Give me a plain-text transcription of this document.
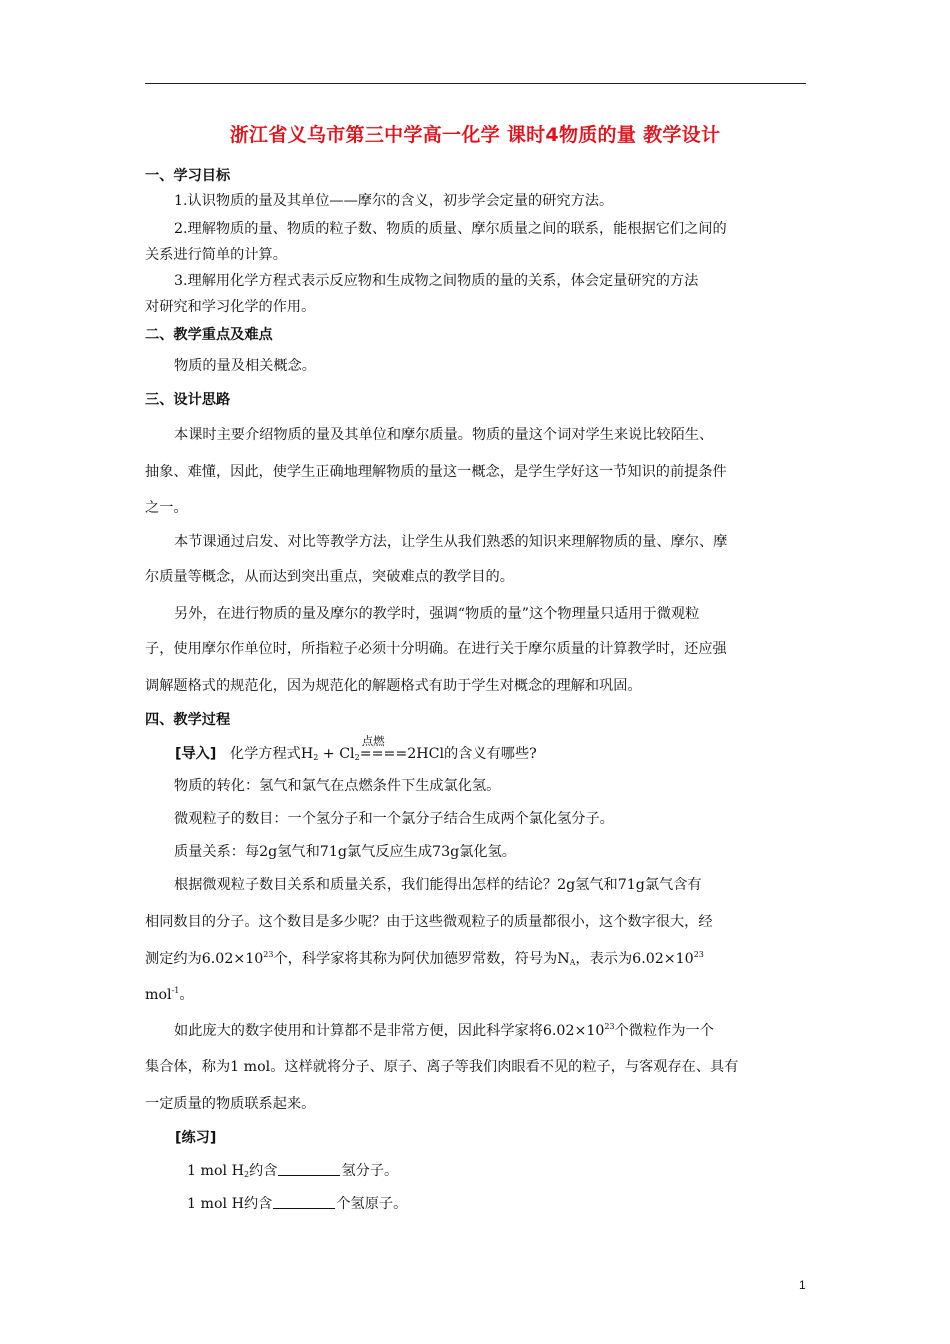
浙江省义乌市第三中学高一化学 课时4物质的量 教学设计
一、学习目标
1.认识物质的量及其单位——摩尔的含义，初步学会定量的研究方法。
2.理解物质的量、物质的粒子数、物质的质量、摩尔质量之间的联系，能根据它们之间的
关系进行简单的计算。
3.理解用化学方程式表示反应物和生成物之间物质的量的关系，体会定量研究的方法
对研究和学习化学的作用。
二、教学重点及难点
物质的量及相关概念。
三、设计思路
本课时主要介绍物质的量及其单位和摩尔质量。物质的量这个词对学生来说比较陌生、
抽象、难懂，因此，使学生正确地理解物质的量这一概念，是学生学好这一节知识的前提条件
之一。
本节课通过启发、对比等教学方法，让学生从我们熟悉的知识来理解物质的量、摩尔、摩
尔质量等概念，从而达到突出重点，突破难点的教学目的。
另外，在进行物质的量及摩尔的教学时，强调“物质的量”这个物理量只适用于微观粒
子，使用摩尔作单位时，所指粒子必须十分明确。在进行关于摩尔质量的计算教学时，还应强
调解题格式的规范化，因为规范化的解题格式有助于学生对概念的理解和巩固。
四、教学过程
[导入] 化学方程式$H_2 + Cl_2$
点燃
====2HCl的含义有哪些?
物质的转化：氢气和氯气在点燃条件下生成氯化氢。
微观粒子的数目：一个氢分子和一个氯分子结合生成两个氯化氢分子。
质量关系：每2g氢气和71g氯气反应生成73g氯化氢。
根据微观粒子数目关系和质量关系，我们能得出怎样的结论？2g氢气和71g氯气含有
相同数目的分子。这个数目是多少呢？由于这些微观粒子的质量都很小，这个数字很大，经
测定约为$6.02\times 10^{23}$个，科学家将其称为阿伏加德罗常数，符号为$N_A$，表示为$6.02\times 10^{23}$
mol$^{-1}$。
如此庞大的数字使用和计算都不是非常方便，因此科学家将$6.02\times 10^{23}$个微粒作为一个
集合体，称为1 mol。这样就将分子、原子、离子等我们肉眼看不见的粒子，与客观存在、具有
一定质量的物质联系起来。
[练习]
1 mol $H_2$约含	氢分子。
1 mol H约含	个氢原子。
1
